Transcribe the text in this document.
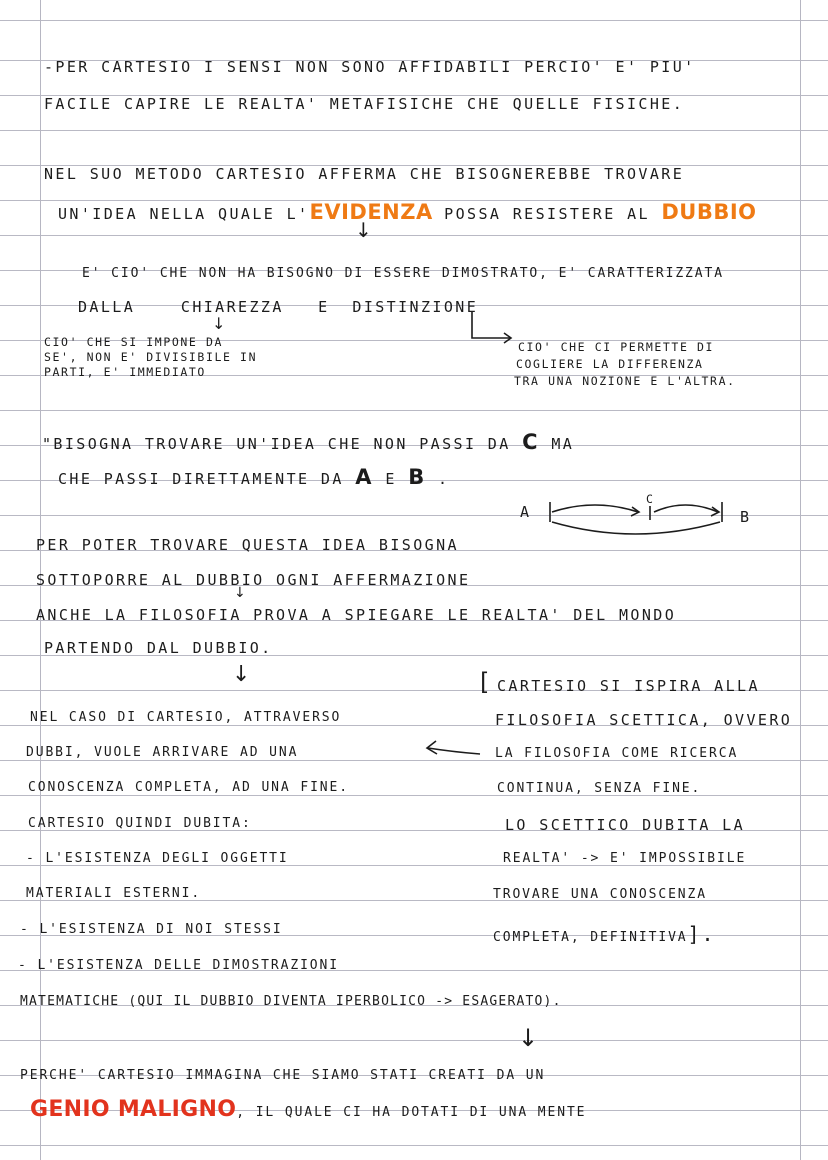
-PER CARTESIO I SENSI NON SONO AFFIDABILI PERCIO' E' PIU'
FACILE CAPIRE LE REALTA' METAFISICHE CHE QUELLE FISICHE.
NEL SUO METODO CARTESIO AFFERMA CHE BISOGNEREBBE TROVARE
UN'IDEA NELLA QUALE L'EVIDENZA POSSA RESISTERE AL DUBBIO
↓
E' CIO' CHE NON HA BISOGNO DI ESSERE DIMOSTRATO, E' CARATTERIZZATA
DALLA	CHIAREZZA E DISTINZIONE
↓
CIO' CHE SI IMPONE DA
SE', NON E' DIVISIBILE IN
PARTI, E' IMMEDIATO
CIO' CHE CI PERMETTE DI
COGLIERE LA DIFFERENZA
TRA UNA NOZIONE E L'ALTRA.
"BISOGNA TROVARE UN'IDEA CHE NON PASSI DA C MA
CHE PASSI DIRETTAMENTE DA A E B .
A
C
B
PER POTER TROVARE QUESTA IDEA BISOGNA
SOTTOPORRE AL DUBBIO OGNI AFFERMAZIONE
↓
ANCHE LA FILOSOFIA PROVA A SPIEGARE LE REALTA' DEL MONDO
PARTENDO DAL DUBBIO.
↓	[ CARTESIO SI ISPIRA ALLA
FILOSOFIA SCETTICA, OVVERO
LA FILOSOFIA COME RICERCA
CONTINUA, SENZA FINE.
LO SCETTICO DUBITA LA
REALTA' -> E' IMPOSSIBILE
TROVARE UNA CONOSCENZA
COMPLETA, DEFINITIVA].
NEL CASO DI CARTESIO, ATTRAVERSO
DUBBI, VUOLE ARRIVARE AD UNA
CONOSCENZA COMPLETA, AD UNA FINE.
CARTESIO QUINDI DUBITA:
- L'ESISTENZA DEGLI OGGETTI
MATERIALI ESTERNI.
- L'ESISTENZA DI NOI STESSI
- L'ESISTENZA DELLE DIMOSTRAZIONI
MATEMATICHE (QUI IL DUBBIO DIVENTA IPERBOLICO -> ESAGERATO).
↓
PERCHE' CARTESIO IMMAGINA CHE SIAMO STATI CREATI DA UN
GENIO MALIGNO, IL QUALE CI HA DOTATI DI UNA MENTE
